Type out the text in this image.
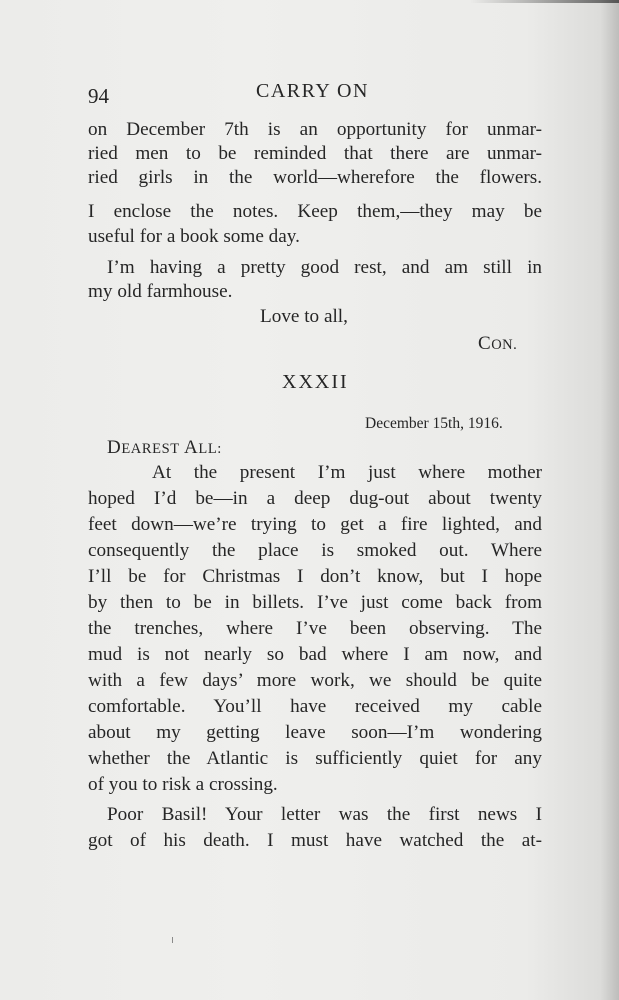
94	CARRY ON
on December 7th is an opportunity for unmar-
ried men to be reminded that there are unmar-
ried girls in the world—wherefore the flowers.
I enclose the notes. Keep them,—they may be
useful for a book some day.
I’m having a pretty good rest, and am still in
my old farmhouse.
Love to all,
CON.
XXXII
December 15th, 1916.
DEAREST ALL:
At the present I’m just where mother
hoped I’d be—in a deep dug-out about twenty
feet down—we’re trying to get a fire lighted, and
consequently the place is smoked out. Where
I’ll be for Christmas I don’t know, but I hope
by then to be in billets. I’ve just come back from
the trenches, where I’ve been observing. The
mud is not nearly so bad where I am now, and
with a few days’ more work, we should be quite
comfortable. You’ll have received my cable
about my getting leave soon—I’m wondering
whether the Atlantic is sufficiently quiet for any
of you to risk a crossing.
Poor Basil! Your letter was the first news I
got of his death. I must have watched the at-
